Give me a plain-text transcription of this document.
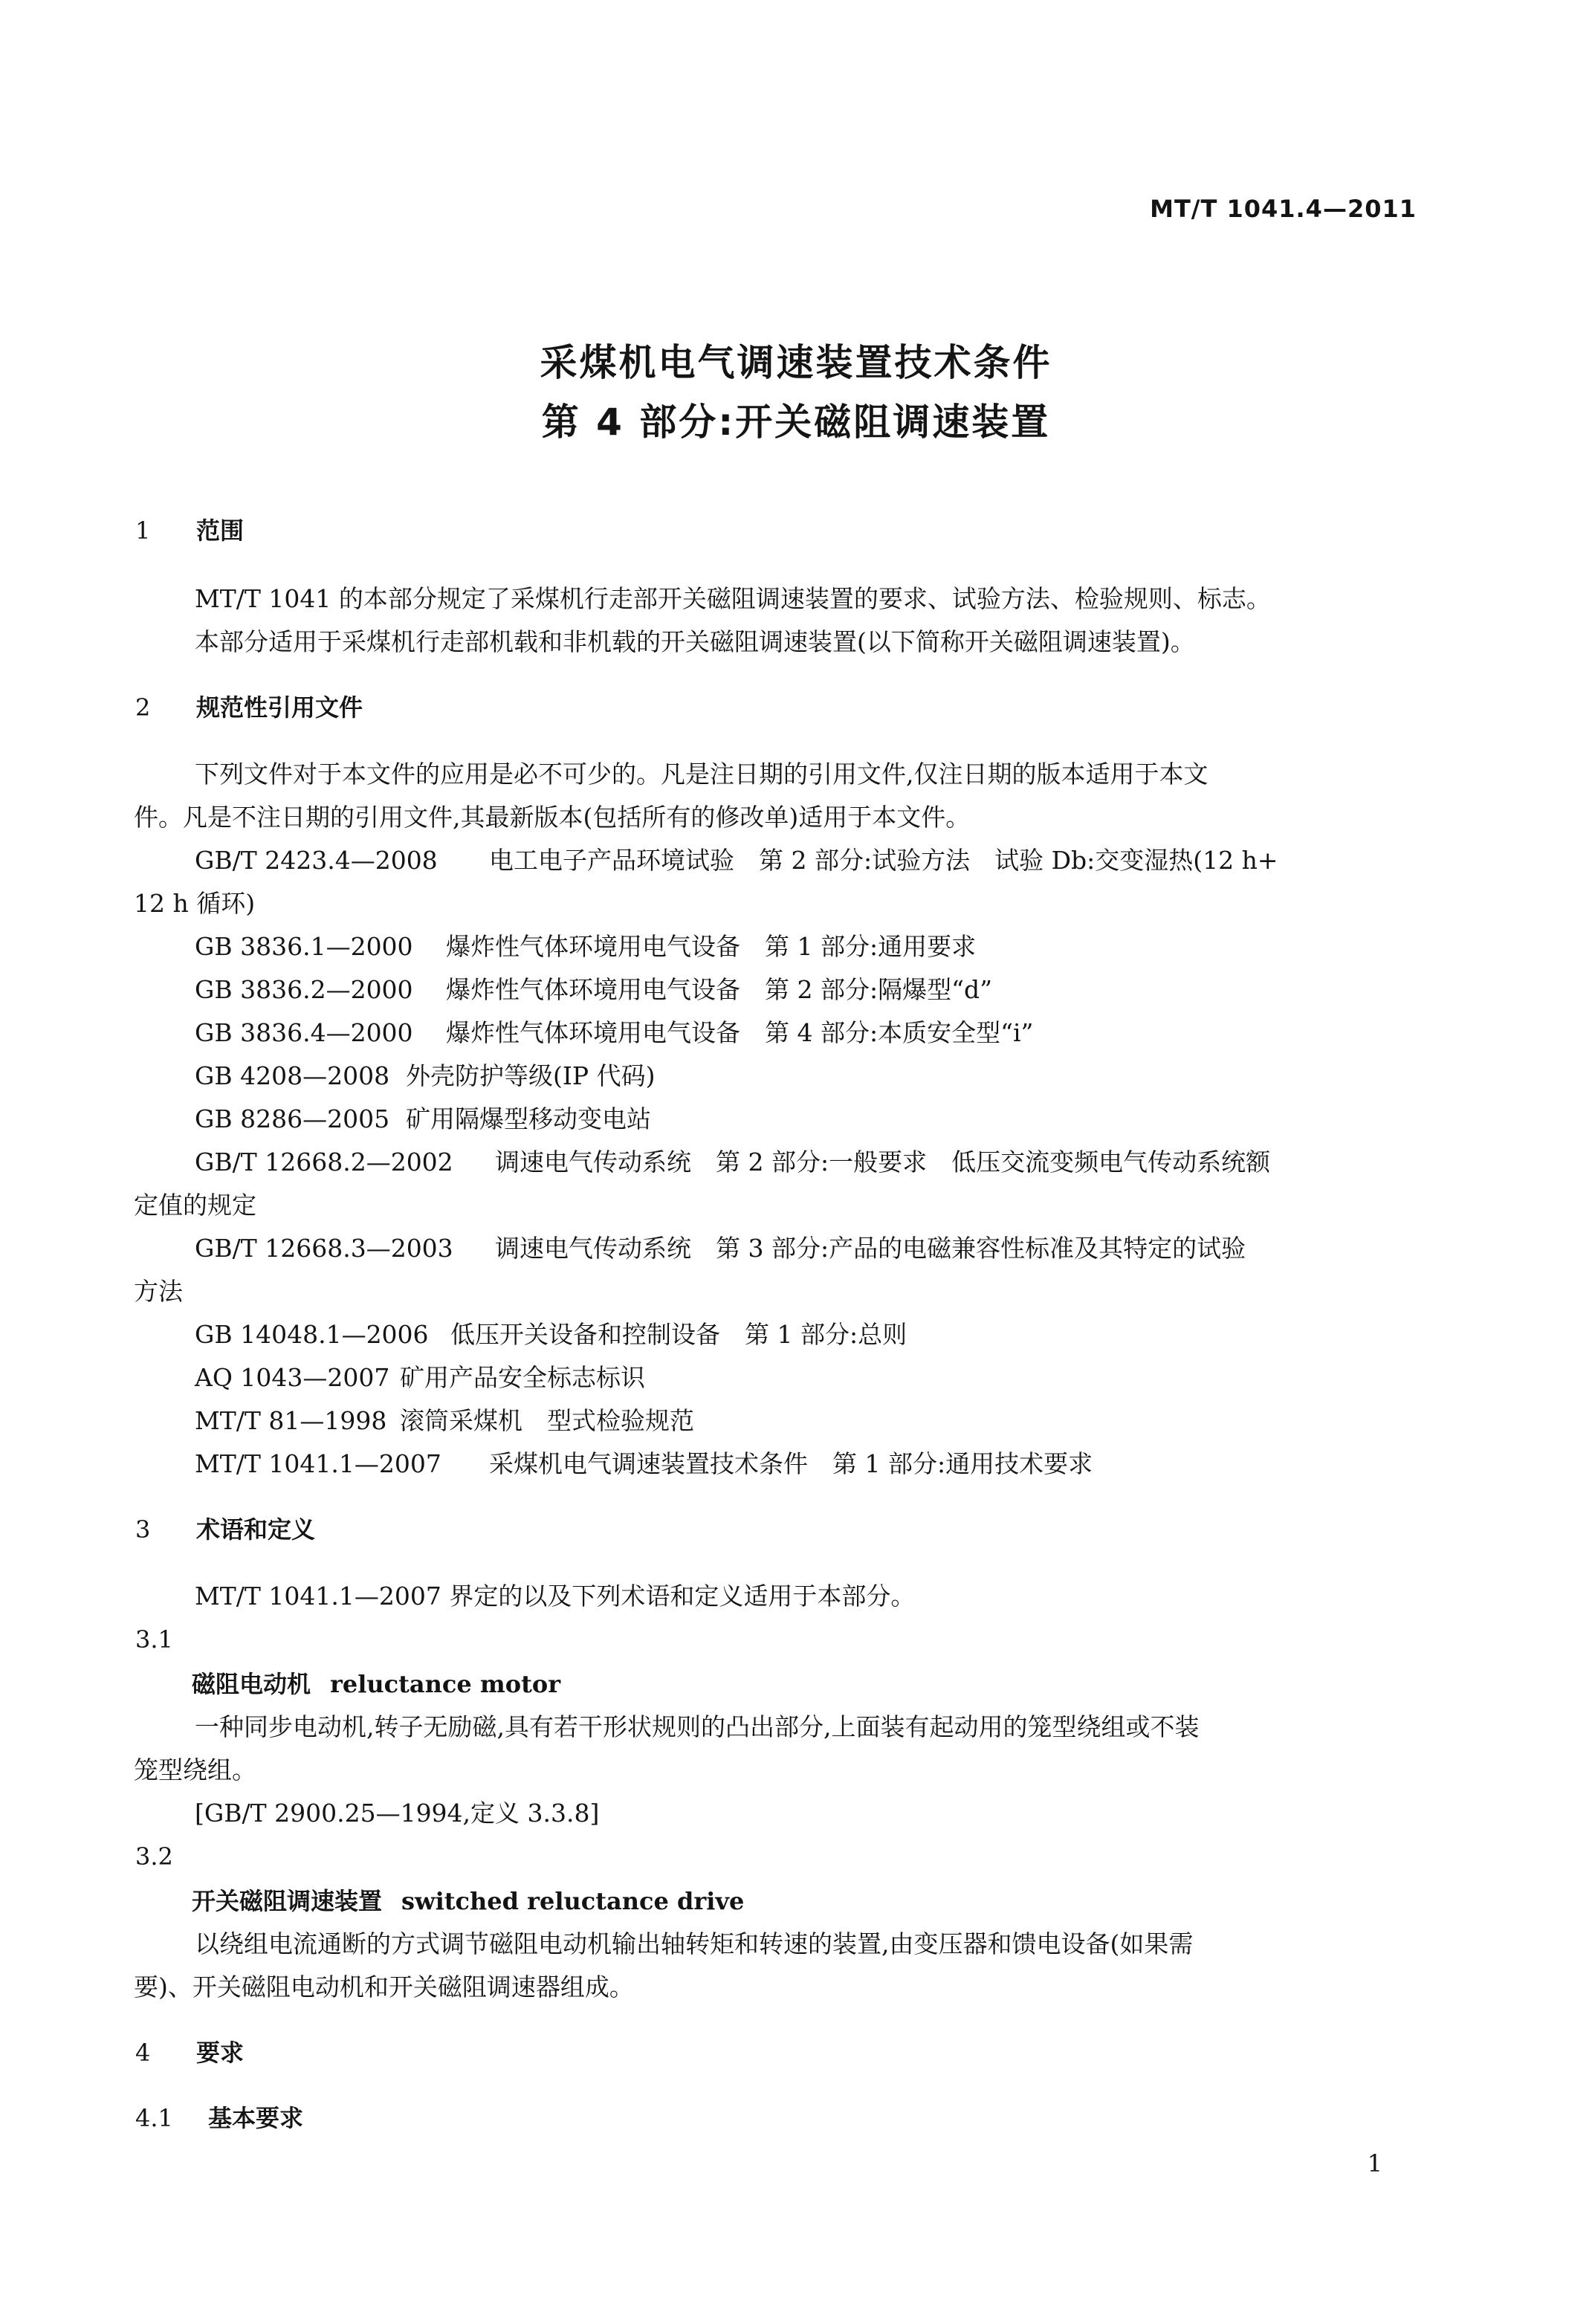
MT/T 1041.4—2011
采煤机电气调速装置技术条件
第 4 部分:开关磁阻调速装置
1 范围
MT/T 1041 的本部分规定了采煤机行走部开关磁阻调速装置的要求、试验方法、检验规则、标志。
本部分适用于采煤机行走部机载和非机载的开关磁阻调速装置(以下简称开关磁阻调速装置)。
2 规范性引用文件
下列文件对于本文件的应用是必不可少的。凡是注日期的引用文件,仅注日期的版本适用于本文
件。凡是不注日期的引用文件,其最新版本(包括所有的修改单)适用于本文件。
GB/T 2423.4—2008	电工电子产品环境试验　第 2 部分:试验方法　试验 Db:交变湿热(12 h+
12 h 循环)
GB 3836.1—2000	爆炸性气体环境用电气设备　第 1 部分:通用要求
GB 3836.2—2000	爆炸性气体环境用电气设备　第 2 部分:隔爆型“d”
GB 3836.4—2000	爆炸性气体环境用电气设备　第 4 部分:本质安全型“i”
GB 4208—2008 外壳防护等级(IP 代码)
GB 8286—2005 矿用隔爆型移动变电站
GB/T 12668.2—2002	调速电气传动系统　第 2 部分:一般要求　低压交流变频电气传动系统额
定值的规定
GB/T 12668.3—2003	调速电气传动系统　第 3 部分:产品的电磁兼容性标准及其特定的试验
方法
GB 14048.1—2006 低压开关设备和控制设备　第 1 部分:总则
AQ 1043—2007 矿用产品安全标志标识
MT/T 81—1998 滚筒采煤机　型式检验规范
MT/T 1041.1—2007	采煤机电气调速装置技术条件　第 1 部分:通用技术要求
3 术语和定义
MT/T 1041.1—2007 界定的以及下列术语和定义适用于本部分。
3.1
磁阻电动机 reluctance motor
一种同步电动机,转子无励磁,具有若干形状规则的凸出部分,上面装有起动用的笼型绕组或不装
笼型绕组。
[GB/T 2900.25—1994,定义 3.3.8]
3.2
开关磁阻调速装置 switched reluctance drive
以绕组电流通断的方式调节磁阻电动机输出轴转矩和转速的装置,由变压器和馈电设备(如果需
要)、开关磁阻电动机和开关磁阻调速器组成。
4 要求
4.1 基本要求
1
